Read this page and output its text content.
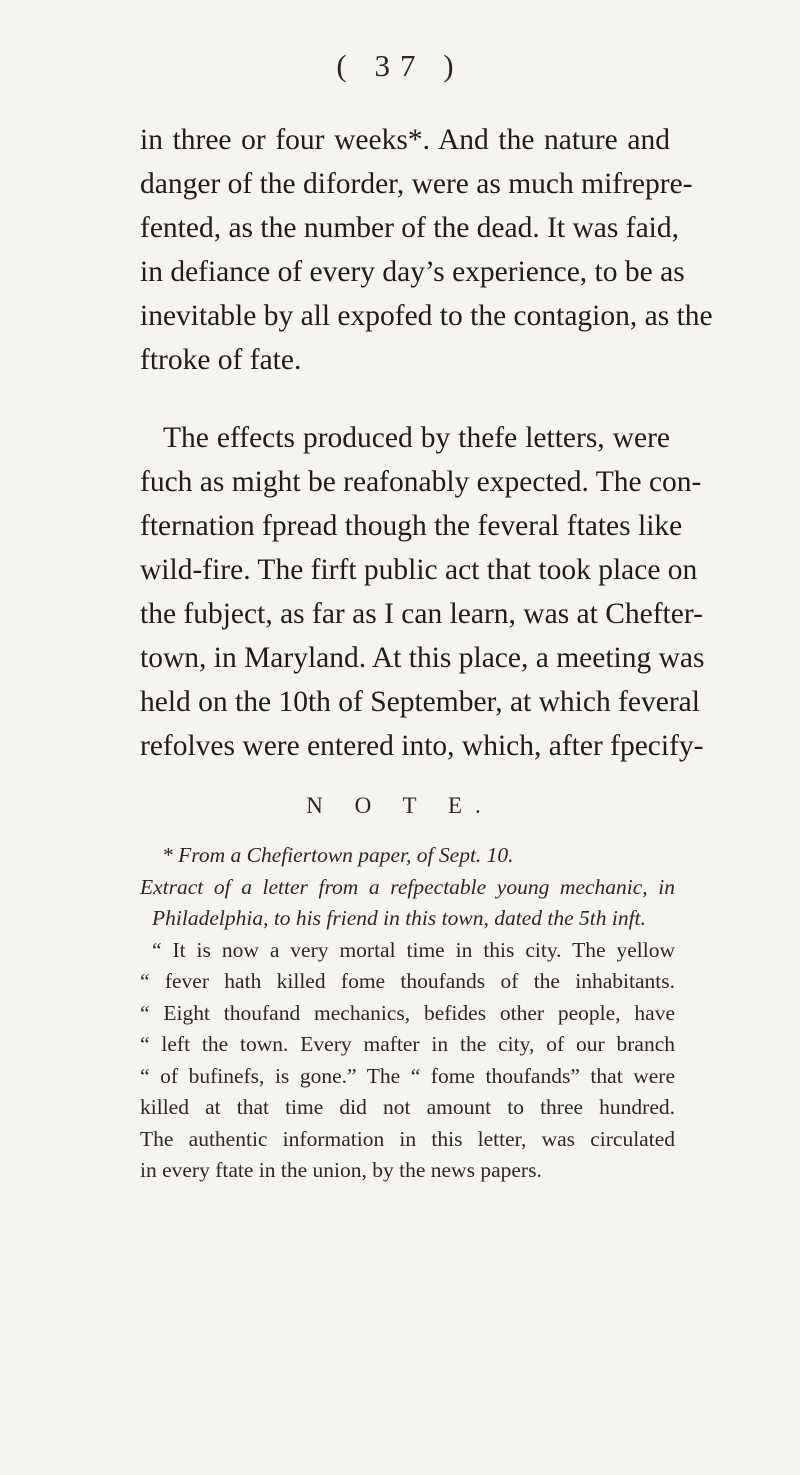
( 37 )
in three or four weeks*. And the nature and
danger of the diforder, were as much mifrepre-
fented, as the number of the dead. It was faid,
in defiance of every day’s experience, to be as
inevitable by all expofed to the contagion, as the
ftroke of fate.
The effects produced by thefe letters, were
fuch as might be reafonably expected. The con-
fternation fpread though the feveral ftates like
wild-fire. The firft public act that took place on
the fubject, as far as I can learn, was at Chefter-
town, in Maryland. At this place, a meeting was
held on the 10th of September, at which feveral
refolves were entered into, which, after fpecify-
N O T E.
* From a Chefiertown paper, of Sept. 10.
Extract of a letter from a refpectable young mechanic, in
Philadelphia, to his friend in this town, dated the 5th inft.
“ It is now a very mortal time in this city. The yellow
“ fever hath killed fome thoufands of the inhabitants.
“ Eight thoufand mechanics, befides other people, have
“ left the town. Every mafter in the city, of our branch
“ of bufinefs, is gone.” The “ fome thoufands” that were
killed at that time did not amount to three hundred.
The authentic information in this letter, was circulated
in every ftate in the union, by the news papers.
